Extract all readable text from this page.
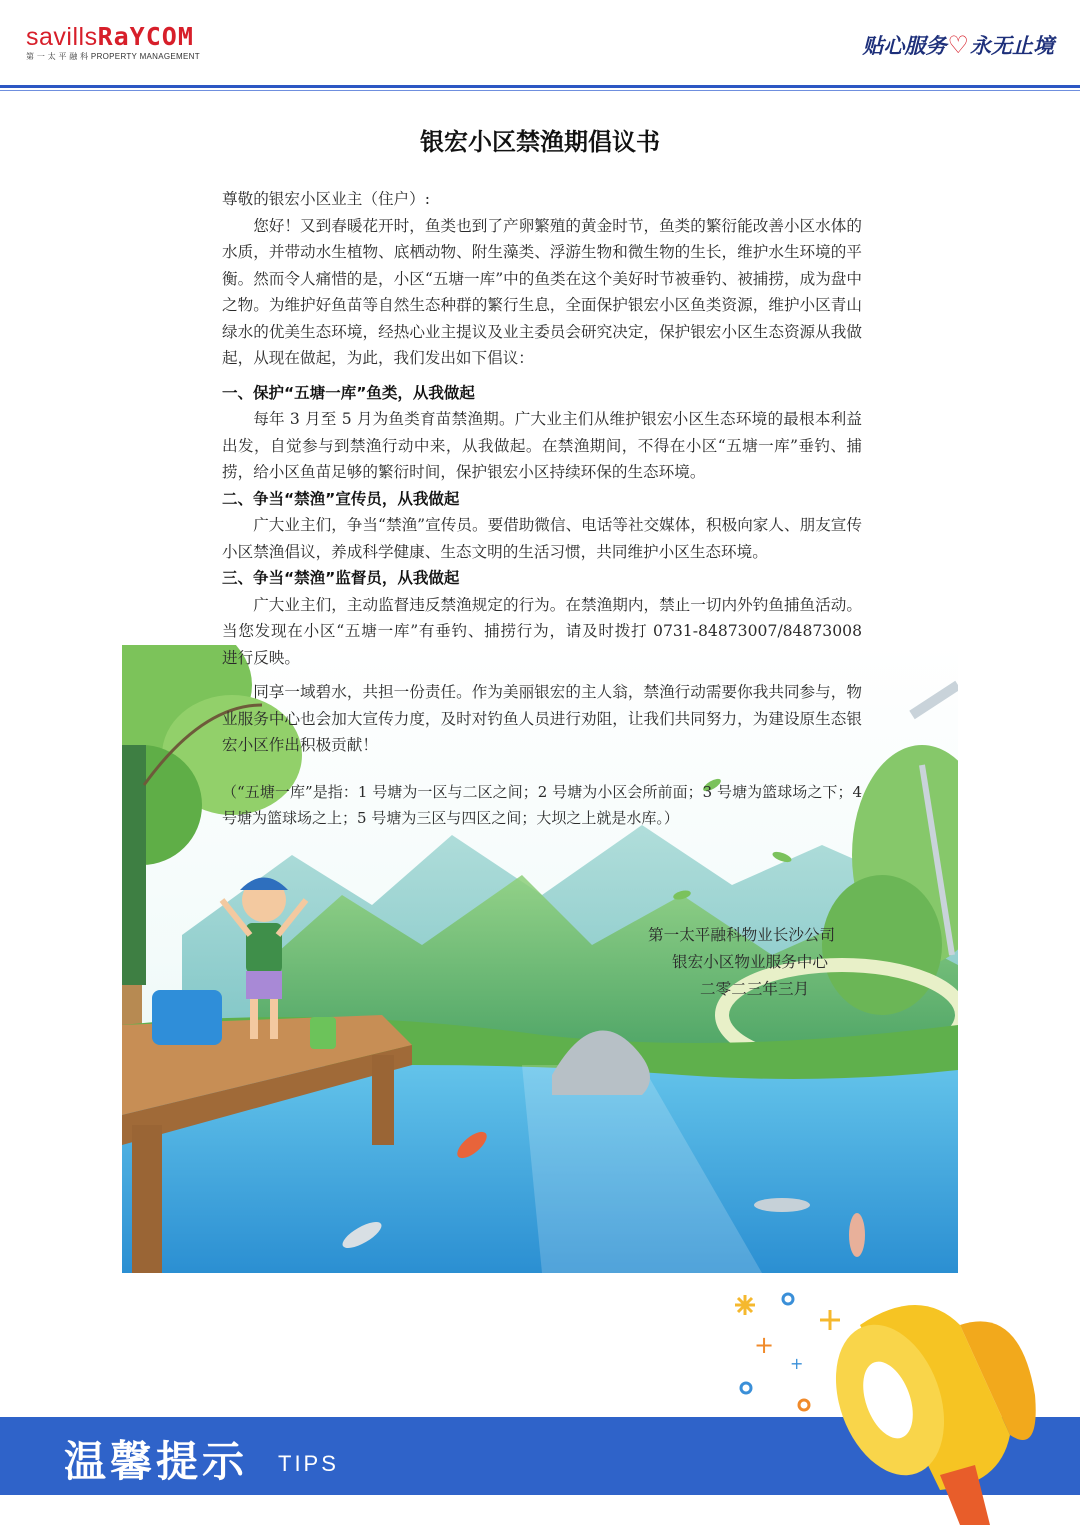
savillsRaYCOM
第 一 太 平 融 科 PROPERTY MANAGEMENT	贴心服务♡永无止境
银宏小区禁渔期倡议书

尊敬的银宏小区业主（住户）:

您好！又到春暖花开时，鱼类也到了产卵繁殖的黄金时节，鱼类的繁衍能改善小区水体的水质，并带动水生植物、底栖动物、附生藻类、浮游生物和微生物的生长，维护水生环境的平衡。然而令人痛惜的是，小区“五塘一库”中的鱼类在这个美好时节被垂钓、被捕捞，成为盘中之物。为维护好鱼苗等自然生态种群的繁行生息，全面保护银宏小区鱼类资源，维护小区青山绿水的优美生态环境，经热心业主提议及业主委员会研究决定，保护银宏小区生态资源从我做起，从现在做起，为此，我们发出如下倡议：

一、保护“五塘一库”鱼类，从我做起

每年 3 月至 5 月为鱼类育苗禁渔期。广大业主们从维护银宏小区生态环境的最根本利益出发，自觉参与到禁渔行动中来，从我做起。在禁渔期间，不得在小区“五塘一库”垂钓、捕捞，给小区鱼苗足够的繁衍时间，保护银宏小区持续环保的生态环境。

二、争当“禁渔”宣传员，从我做起

广大业主们，争当“禁渔”宣传员。要借助微信、电话等社交媒体，积极向家人、朋友宣传小区禁渔倡议，养成科学健康、生态文明的生活习惯，共同维护小区生态环境。

三、争当“禁渔”监督员，从我做起

广大业主们，主动监督违反禁渔规定的行为。在禁渔期内，禁止一切内外钓鱼捕鱼活动。当您发现在小区“五塘一库”有垂钓、捕捞行为，请及时拨打 0731-84873007/84873008 进行反映。

同享一域碧水，共担一份责任。作为美丽银宏的主人翁，禁渔行动需要你我共同参与，物业服务中心也会加大宣传力度，及时对钓鱼人员进行劝阻，让我们共同努力，为建设原生态银宏小区作出积极贡献！

（“五塘一库”是指：1 号塘为一区与二区之间；2 号塘为小区会所前面；3 号塘为篮球场之下；4 号塘为篮球场之上；5 号塘为三区与四区之间；大坝之上就是水库。）

第一太平融科物业长沙公司
银宏小区物业服务中心
二零二三年三月
温馨提示 TIPS
+
+
